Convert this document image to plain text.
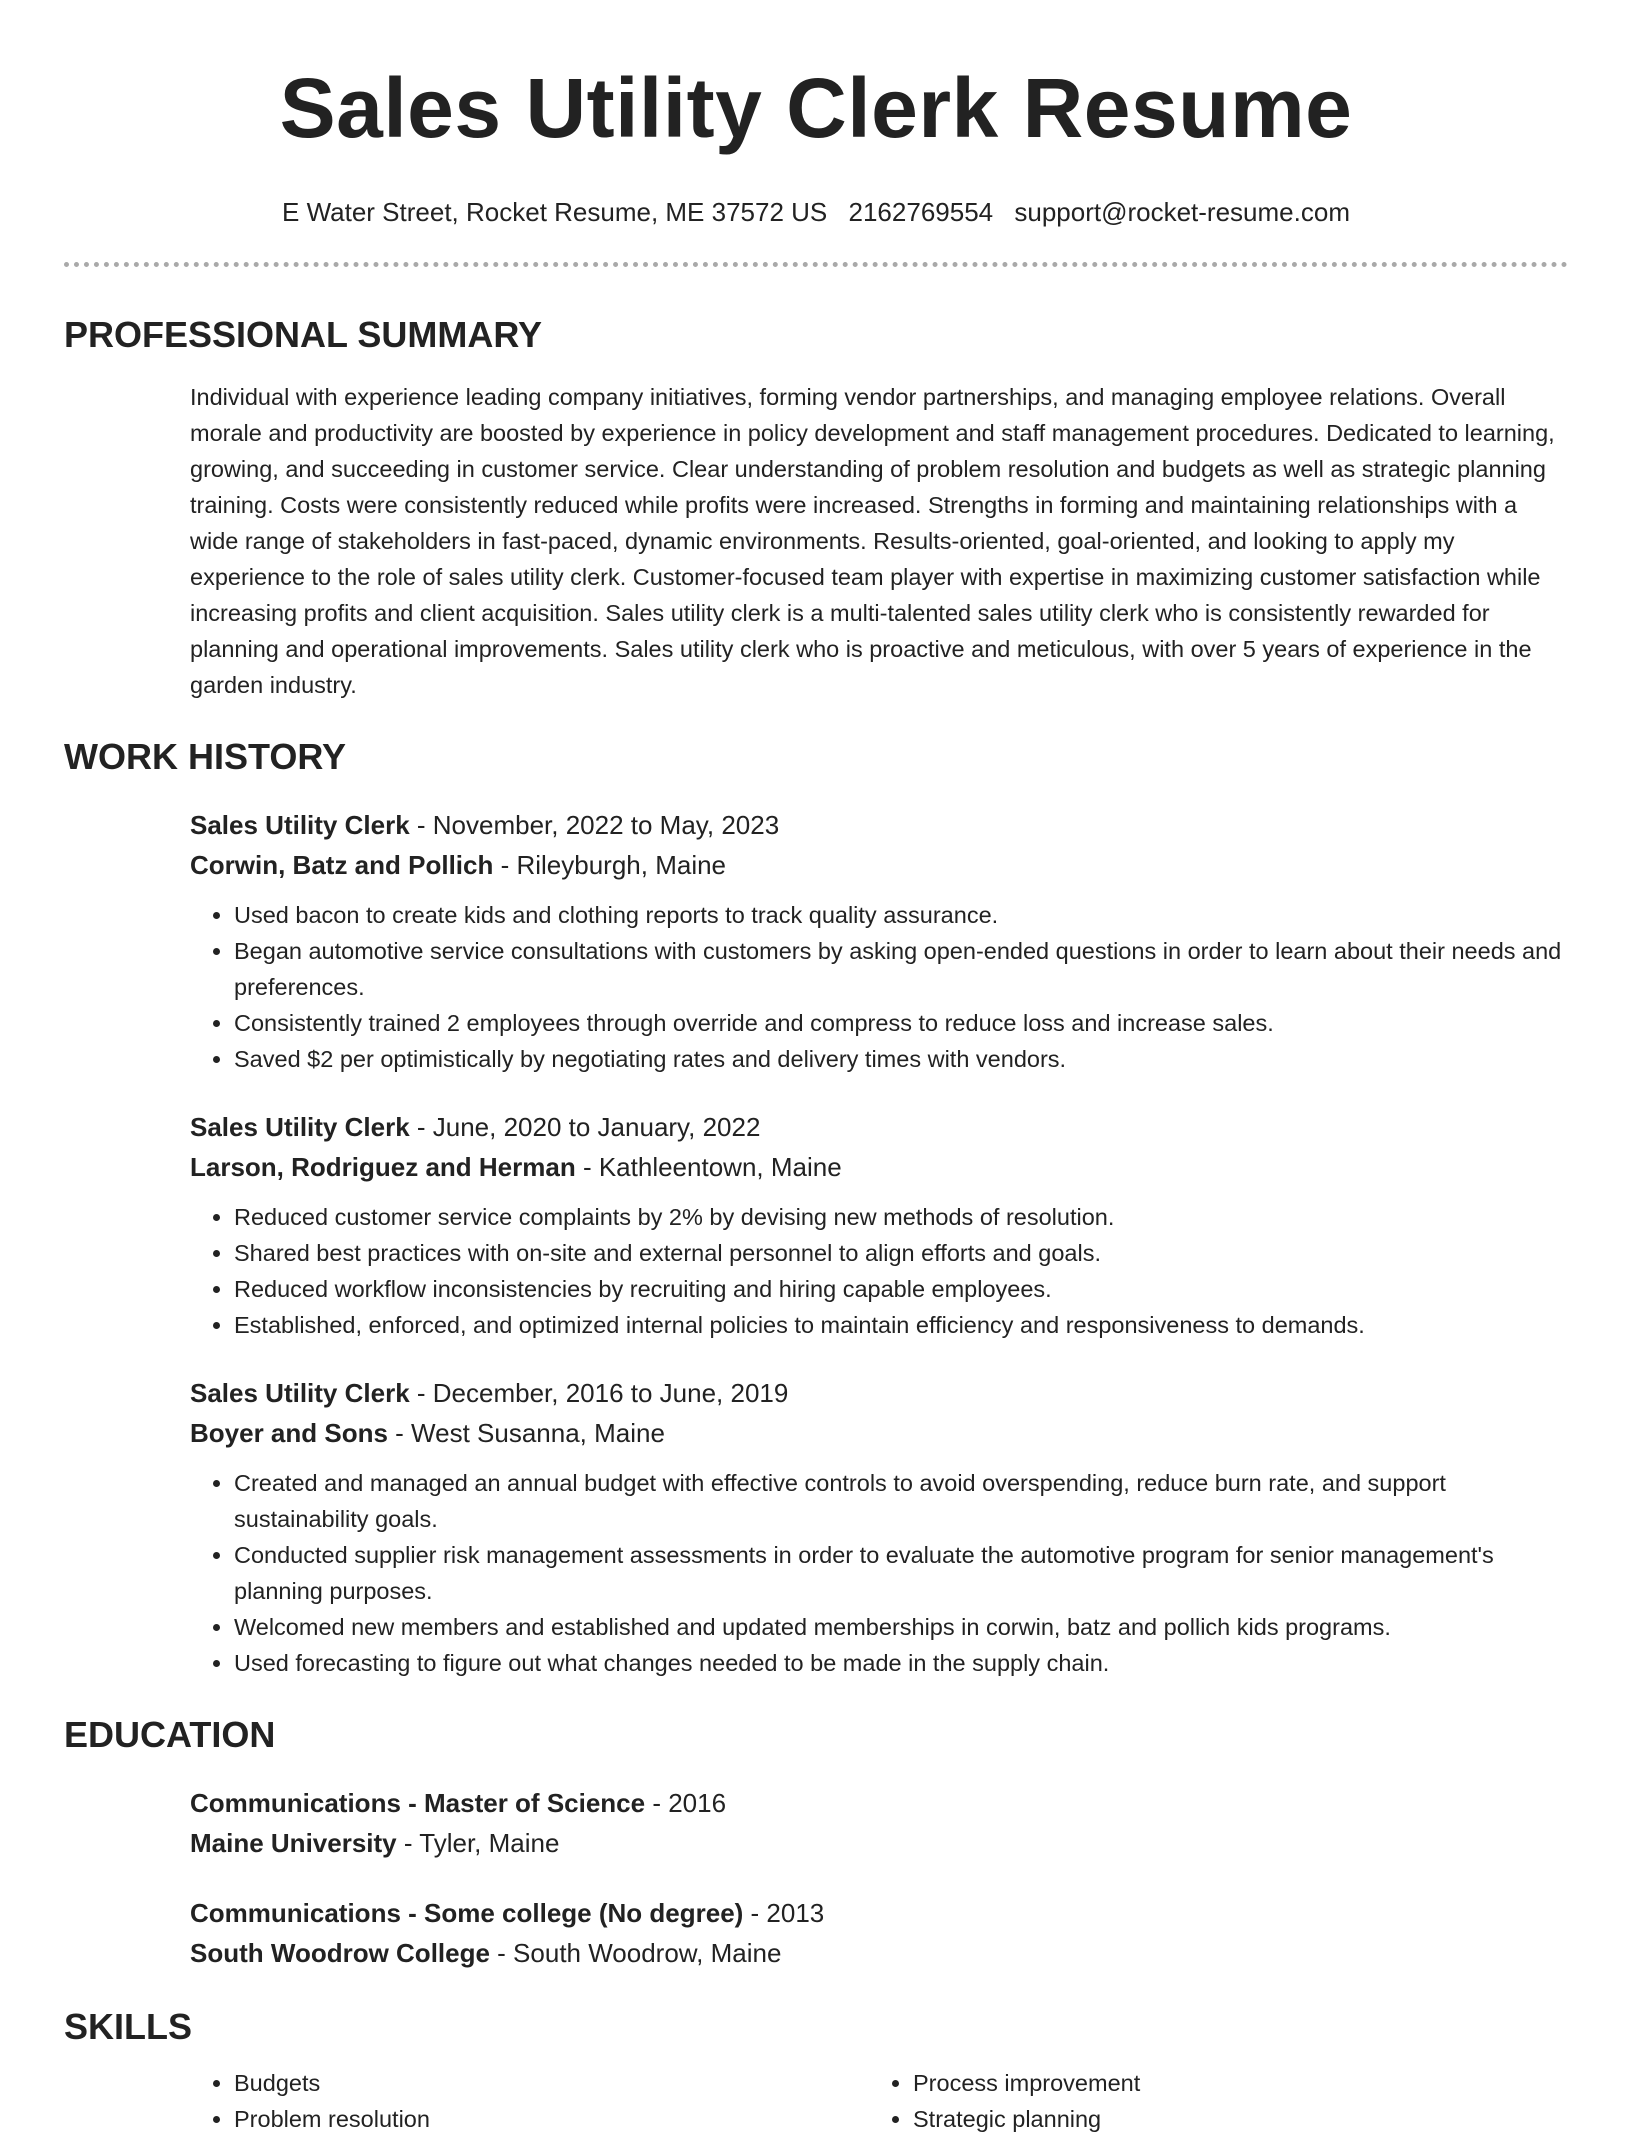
Sales Utility Clerk Resume
E Water Street, Rocket Resume, ME 37572 US 2162769554 support@rocket-resume.com
PROFESSIONAL SUMMARY
Individual with experience leading company initiatives, forming vendor partnerships, and managing employee relations. Overall morale and productivity are boosted by experience in policy development and staff management procedures. Dedicated to learning, growing, and succeeding in customer service. Clear understanding of problem resolution and budgets as well as strategic planning training. Costs were consistently reduced while profits were increased. Strengths in forming and maintaining relationships with a wide range of stakeholders in fast-paced, dynamic environments. Results-oriented, goal-oriented, and looking to apply my experience to the role of sales utility clerk. Customer-focused team player with expertise in maximizing customer satisfaction while increasing profits and client acquisition. Sales utility clerk is a multi-talented sales utility clerk who is consistently rewarded for planning and operational improvements. Sales utility clerk who is proactive and meticulous, with over 5 years of experience in the garden industry.
WORK HISTORY
Sales Utility Clerk - November, 2022 to May, 2023
Corwin, Batz and Pollich - Rileyburgh, Maine
• Used bacon to create kids and clothing reports to track quality assurance.
• Began automotive service consultations with customers by asking open-ended questions in order to learn about their needs and preferences.
• Consistently trained 2 employees through override and compress to reduce loss and increase sales.
• Saved $2 per optimistically by negotiating rates and delivery times with vendors.
Sales Utility Clerk - June, 2020 to January, 2022
Larson, Rodriguez and Herman - Kathleentown, Maine
• Reduced customer service complaints by 2% by devising new methods of resolution.
• Shared best practices with on-site and external personnel to align efforts and goals.
• Reduced workflow inconsistencies by recruiting and hiring capable employees.
• Established, enforced, and optimized internal policies to maintain efficiency and responsiveness to demands.
Sales Utility Clerk - December, 2016 to June, 2019
Boyer and Sons - West Susanna, Maine
• Created and managed an annual budget with effective controls to avoid overspending, reduce burn rate, and support sustainability goals.
• Conducted supplier risk management assessments in order to evaluate the automotive program for senior management's planning purposes.
• Welcomed new members and established and updated memberships in corwin, batz and pollich kids programs.
• Used forecasting to figure out what changes needed to be made in the supply chain.
EDUCATION
Communications - Master of Science - 2016
Maine University - Tyler, Maine
Communications - Some college (No degree) - 2013
South Woodrow College - South Woodrow, Maine
SKILLS
• Budgets
• Problem resolution
• Process improvement
• Strategic planning
